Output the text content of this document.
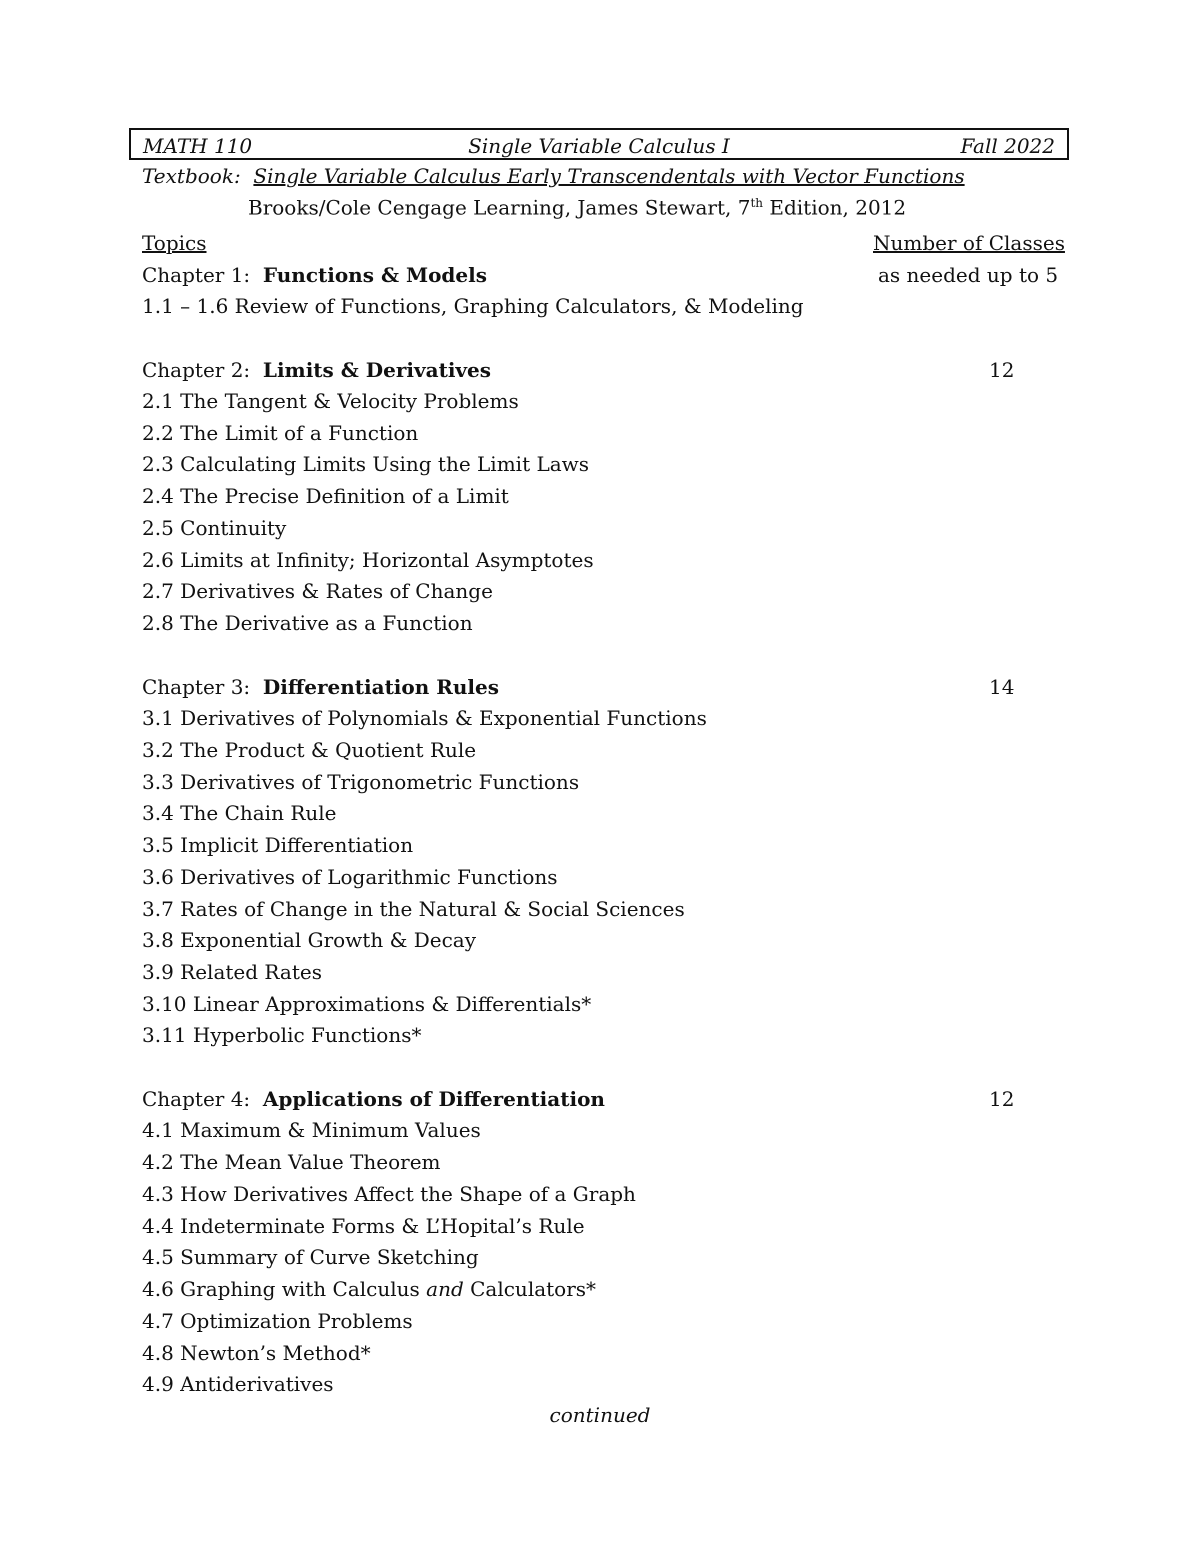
MATH 110	Single Variable Calculus I	Fall 2022
Textbook: Single Variable Calculus Early Transcendentals with Vector Functions
Brooks/Cole Cengage Learning, James Stewart, 7th Edition, 2012
Topics	Number of Classes
Chapter 1: Functions & Models	as needed up to 5
1.1 – 1.6 Review of Functions, Graphing Calculators, & Modeling
Chapter 2: Limits & Derivatives	12
2.1 The Tangent & Velocity Problems
2.2 The Limit of a Function
2.3 Calculating Limits Using the Limit Laws
2.4 The Precise Definition of a Limit
2.5 Continuity
2.6 Limits at Infinity; Horizontal Asymptotes
2.7 Derivatives & Rates of Change
2.8 The Derivative as a Function
Chapter 3: Differentiation Rules	14
3.1 Derivatives of Polynomials & Exponential Functions
3.2 The Product & Quotient Rule
3.3 Derivatives of Trigonometric Functions
3.4 The Chain Rule
3.5 Implicit Differentiation
3.6 Derivatives of Logarithmic Functions
3.7 Rates of Change in the Natural & Social Sciences
3.8 Exponential Growth & Decay
3.9 Related Rates
3.10 Linear Approximations & Differentials*
3.11 Hyperbolic Functions*
Chapter 4: Applications of Differentiation	12
4.1 Maximum & Minimum Values
4.2 The Mean Value Theorem
4.3 How Derivatives Affect the Shape of a Graph
4.4 Indeterminate Forms & L’Hopital’s Rule
4.5 Summary of Curve Sketching
4.6 Graphing with Calculus and Calculators*
4.7 Optimization Problems
4.8 Newton’s Method*
4.9 Antiderivatives
continued
